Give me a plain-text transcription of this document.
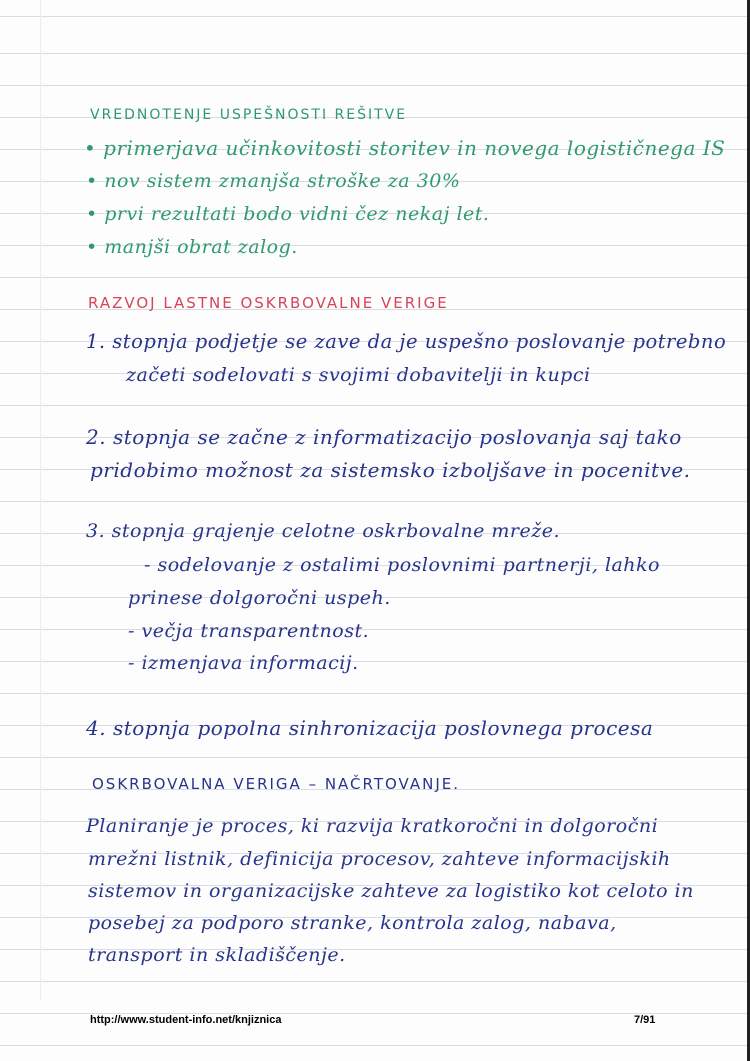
VREDNOTENJE USPEŠNOSTI REŠITVE
• primerjava učinkovitosti storitev in novega logističnega IS
• nov sistem zmanjša stroške za 30%
• prvi rezultati bodo vidni čez nekaj let.
• manjši obrat zalog.
RAZVOJ LASTNE OSKRBOVALNE VERIGE
1. stopnja podjetje se zave da je uspešno poslovanje potrebno
začeti sodelovati s svojimi dobavitelji in kupci
2. stopnja se začne z informatizacijo poslovanja saj tako
pridobimo možnost za sistemsko izboljšave in pocenitve.
3. stopnja grajenje celotne oskrbovalne mreže.
- sodelovanje z ostalimi poslovnimi partnerji, lahko
prinese dolgoročni uspeh.
- večja transparentnost.
- izmenjava informacij.
4. stopnja popolna sinhronizacija poslovnega procesa
OSKRBOVALNA VERIGA – NAČRTOVANJE.
Planiranje je proces, ki razvija kratkoročni in dolgoročni
mrežni listnik, definicija procesov, zahteve informacijskih
sistemov in organizacijske zahteve za logistiko kot celoto in
posebej za podporo stranke, kontrola zalog, nabava,
transport in skladiščenje.
http://www.student-info.net/knjiznica	7/91
